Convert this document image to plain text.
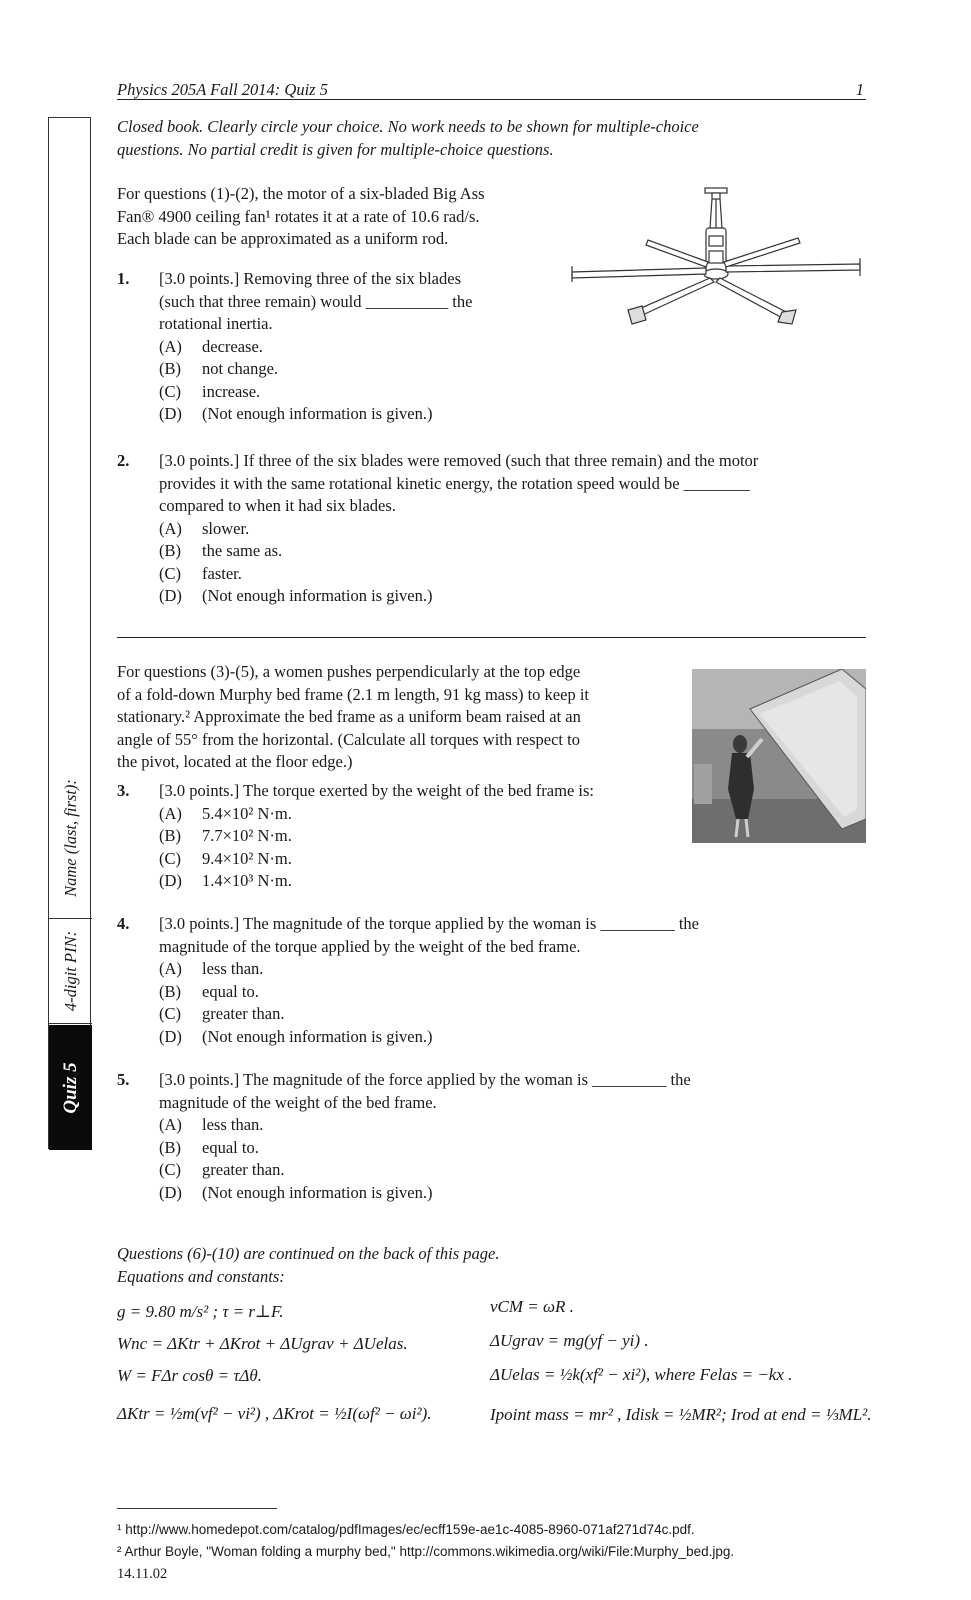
Physics 205A Fall 2014: Quiz 5	1
Name (last, first):
4-digit PIN:
Quiz 5
Closed book. Clearly circle your choice. No work needs to be shown for multiple-choice
questions. No partial credit is given for multiple-choice questions.
For questions (1)-(2), the motor of a six-bladed Big Ass
Fan® 4900 ceiling fan¹ rotates it at a rate of 10.6 rad/s.
Each blade can be approximated as a uniform rod.
1. [3.0 points.] Removing three of the six blades
(such that three remain) would __________ the
rotational inertia.
(A) decrease.
(B) not change.
(C) increase.
(D) (Not enough information is given.)
2. [3.0 points.] If three of the six blades were removed (such that three remain) and the motor
provides it with the same rotational kinetic energy, the rotation speed would be ________
compared to when it had six blades.
(A) slower.
(B) the same as.
(C) faster.
(D) (Not enough information is given.)
For questions (3)-(5), a women pushes perpendicularly at the top edge
of a fold-down Murphy bed frame (2.1 m length, 91 kg mass) to keep it
stationary.² Approximate the bed frame as a uniform beam raised at an
angle of 55° from the horizontal. (Calculate all torques with respect to
the pivot, located at the floor edge.)
3. [3.0 points.] The torque exerted by the weight of the bed frame is:
(A) 5.4×10² N·m.
(B) 7.7×10² N·m.
(C) 9.4×10² N·m.
(D) 1.4×10³ N·m.
4. [3.0 points.] The magnitude of the torque applied by the woman is _________ the
magnitude of the torque applied by the weight of the bed frame.
(A) less than.
(B) equal to.
(C) greater than.
(D) (Not enough information is given.)
5. [3.0 points.] The magnitude of the force applied by the woman is _________ the
magnitude of the weight of the bed frame.
(A) less than.
(B) equal to.
(C) greater than.
(D) (Not enough information is given.)
Questions (6)-(10) are continued on the back of this page.
Equations and constants:
g = 9.80 m/s² ; τ = r⊥F.
Wnc = ΔKtr + ΔKrot + ΔUgrav + ΔUelas.
W = FΔr cosθ = τΔθ.
ΔKtr = ½m(vf² − vi²) , ΔKrot = ½I(ωf² − ωi²).
vCM = ωR .
ΔUgrav = mg(yf − yi) .
ΔUelas = ½k(xf² − xi²), where Felas = −kx .
Ipoint mass = mr² , Idisk = ½MR²; Irod at end = ⅓ML².
¹ http://www.homedepot.com/catalog/pdfImages/ec/ecff159e-ae1c-4085-8960-071af271d74c.pdf.
² Arthur Boyle, "Woman folding a murphy bed," http://commons.wikimedia.org/wiki/File:Murphy_bed.jpg.
14.11.02
